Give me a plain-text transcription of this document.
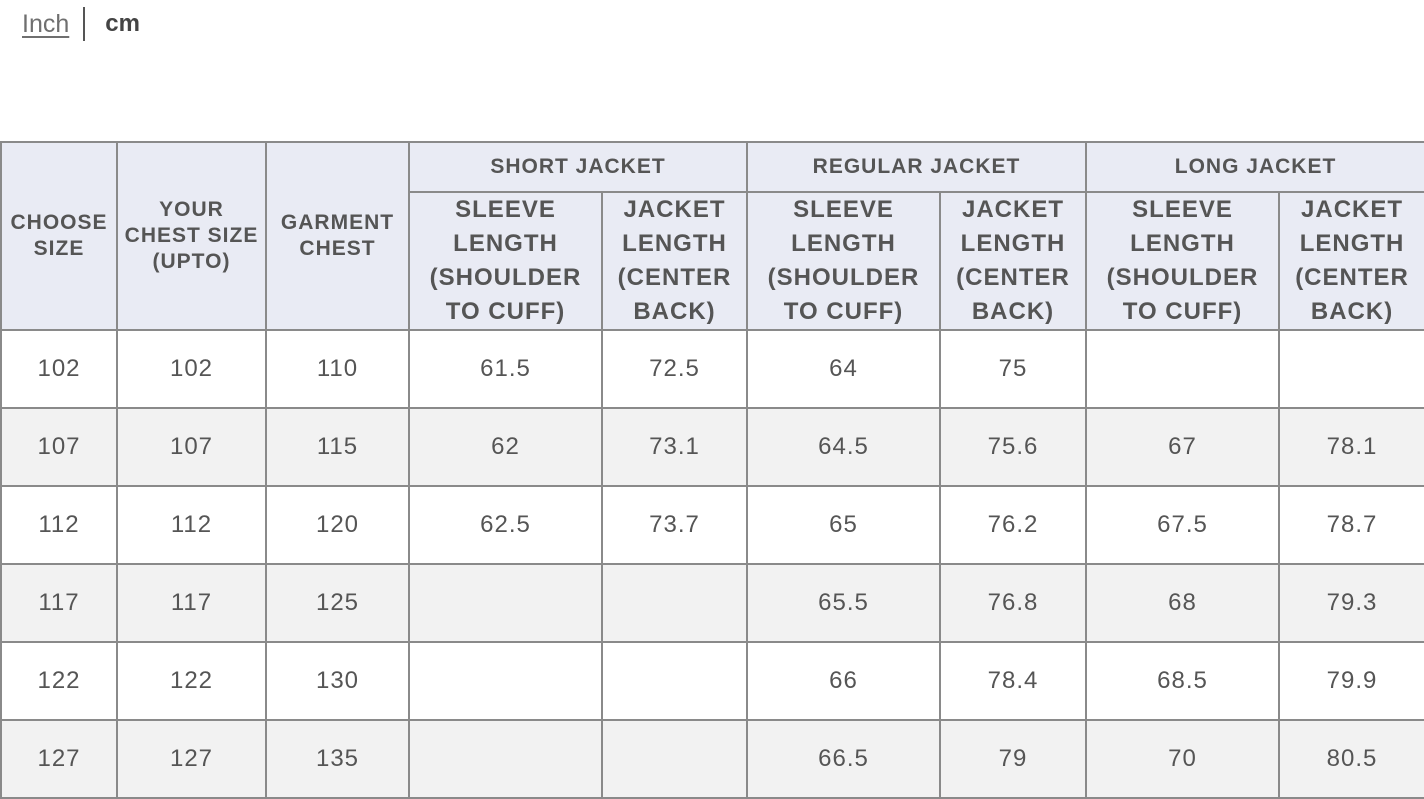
Inch cm
CHOOSE SIZE	YOUR CHEST SIZE (UPTO)	GARMENT CHEST	SHORT JACKET		REGULAR JACKET		LONG JACKET	
			SLEEVE LENGTH (SHOULDER TO CUFF)	JACKET LENGTH (CENTER BACK)	SLEEVE LENGTH (SHOULDER TO CUFF)	JACKET LENGTH (CENTER BACK)	SLEEVE LENGTH (SHOULDER TO CUFF)	JACKET LENGTH (CENTER BACK)
102	102	110	61.5	72.5	64	75		
107	107	115	62	73.1	64.5	75.6	67	78.1
112	112	120	62.5	73.7	65	76.2	67.5	78.7
117	117	125			65.5	76.8	68	79.3
122	122	130			66	78.4	68.5	79.9
127	127	135			66.5	79	70	80.5
